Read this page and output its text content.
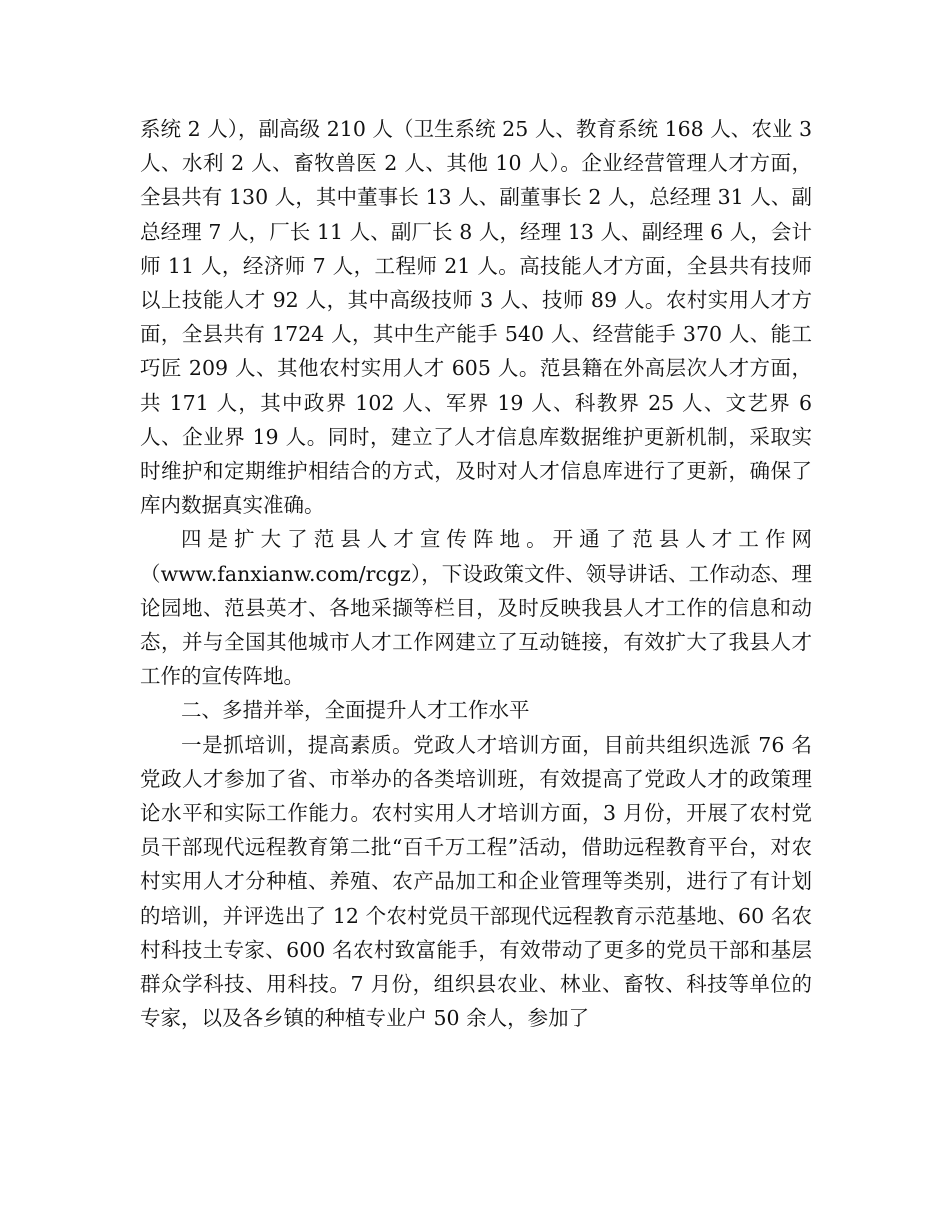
系统 2 人），副高级 210 人（卫生系统 25 人、教育系统 168 人、农业 3 人、水利 2 人、畜牧兽医 2 人、其他 10 人）。企业经营管理人才方面，全县共有 130 人，其中董事长 13 人、副董事长 2 人，总经理 31 人、副总经理 7 人，厂长 11 人、副厂长 8 人，经理 13 人、副经理 6 人，会计师 11 人，经济师 7 人，工程师 21 人。高技能人才方面，全县共有技师以上技能人才 92 人，其中高级技师 3 人、技师 89 人。农村实用人才方面，全县共有 1724 人，其中生产能手 540 人、经营能手 370 人、能工巧匠 209 人、其他农村实用人才 605 人。范县籍在外高层次人才方面，共 171 人，其中政界 102 人、军界 19 人、科教界 25 人、文艺界 6 人、企业界 19 人。同时，建立了人才信息库数据维护更新机制，采取实时维护和定期维护相结合的方式，及时对人才信息库进行了更新，确保了库内数据真实准确。

四是扩大了范县人才宣传阵地。开通了范县人才工作网（www.fanxianw.com/rcgz），下设政策文件、领导讲话、工作动态、理论园地、范县英才、各地采撷等栏目，及时反映我县人才工作的信息和动态，并与全国其他城市人才工作网建立了互动链接，有效扩大了我县人才工作的宣传阵地。

二、多措并举，全面提升人才工作水平

一是抓培训，提高素质。党政人才培训方面，目前共组织选派 76 名党政人才参加了省、市举办的各类培训班，有效提高了党政人才的政策理论水平和实际工作能力。农村实用人才培训方面，3 月份，开展了农村党员干部现代远程教育第二批“百千万工程”活动，借助远程教育平台，对农村实用人才分种植、养殖、农产品加工和企业管理等类别，进行了有计划的培训，并评选出了 12 个农村党员干部现代远程教育示范基地、60 名农村科技土专家、600 名农村致富能手，有效带动了更多的党员干部和基层群众学科技、用科技。7 月份，组织县农业、林业、畜牧、科技等单位的专家，以及各乡镇的种植专业户 50 余人，参加了
